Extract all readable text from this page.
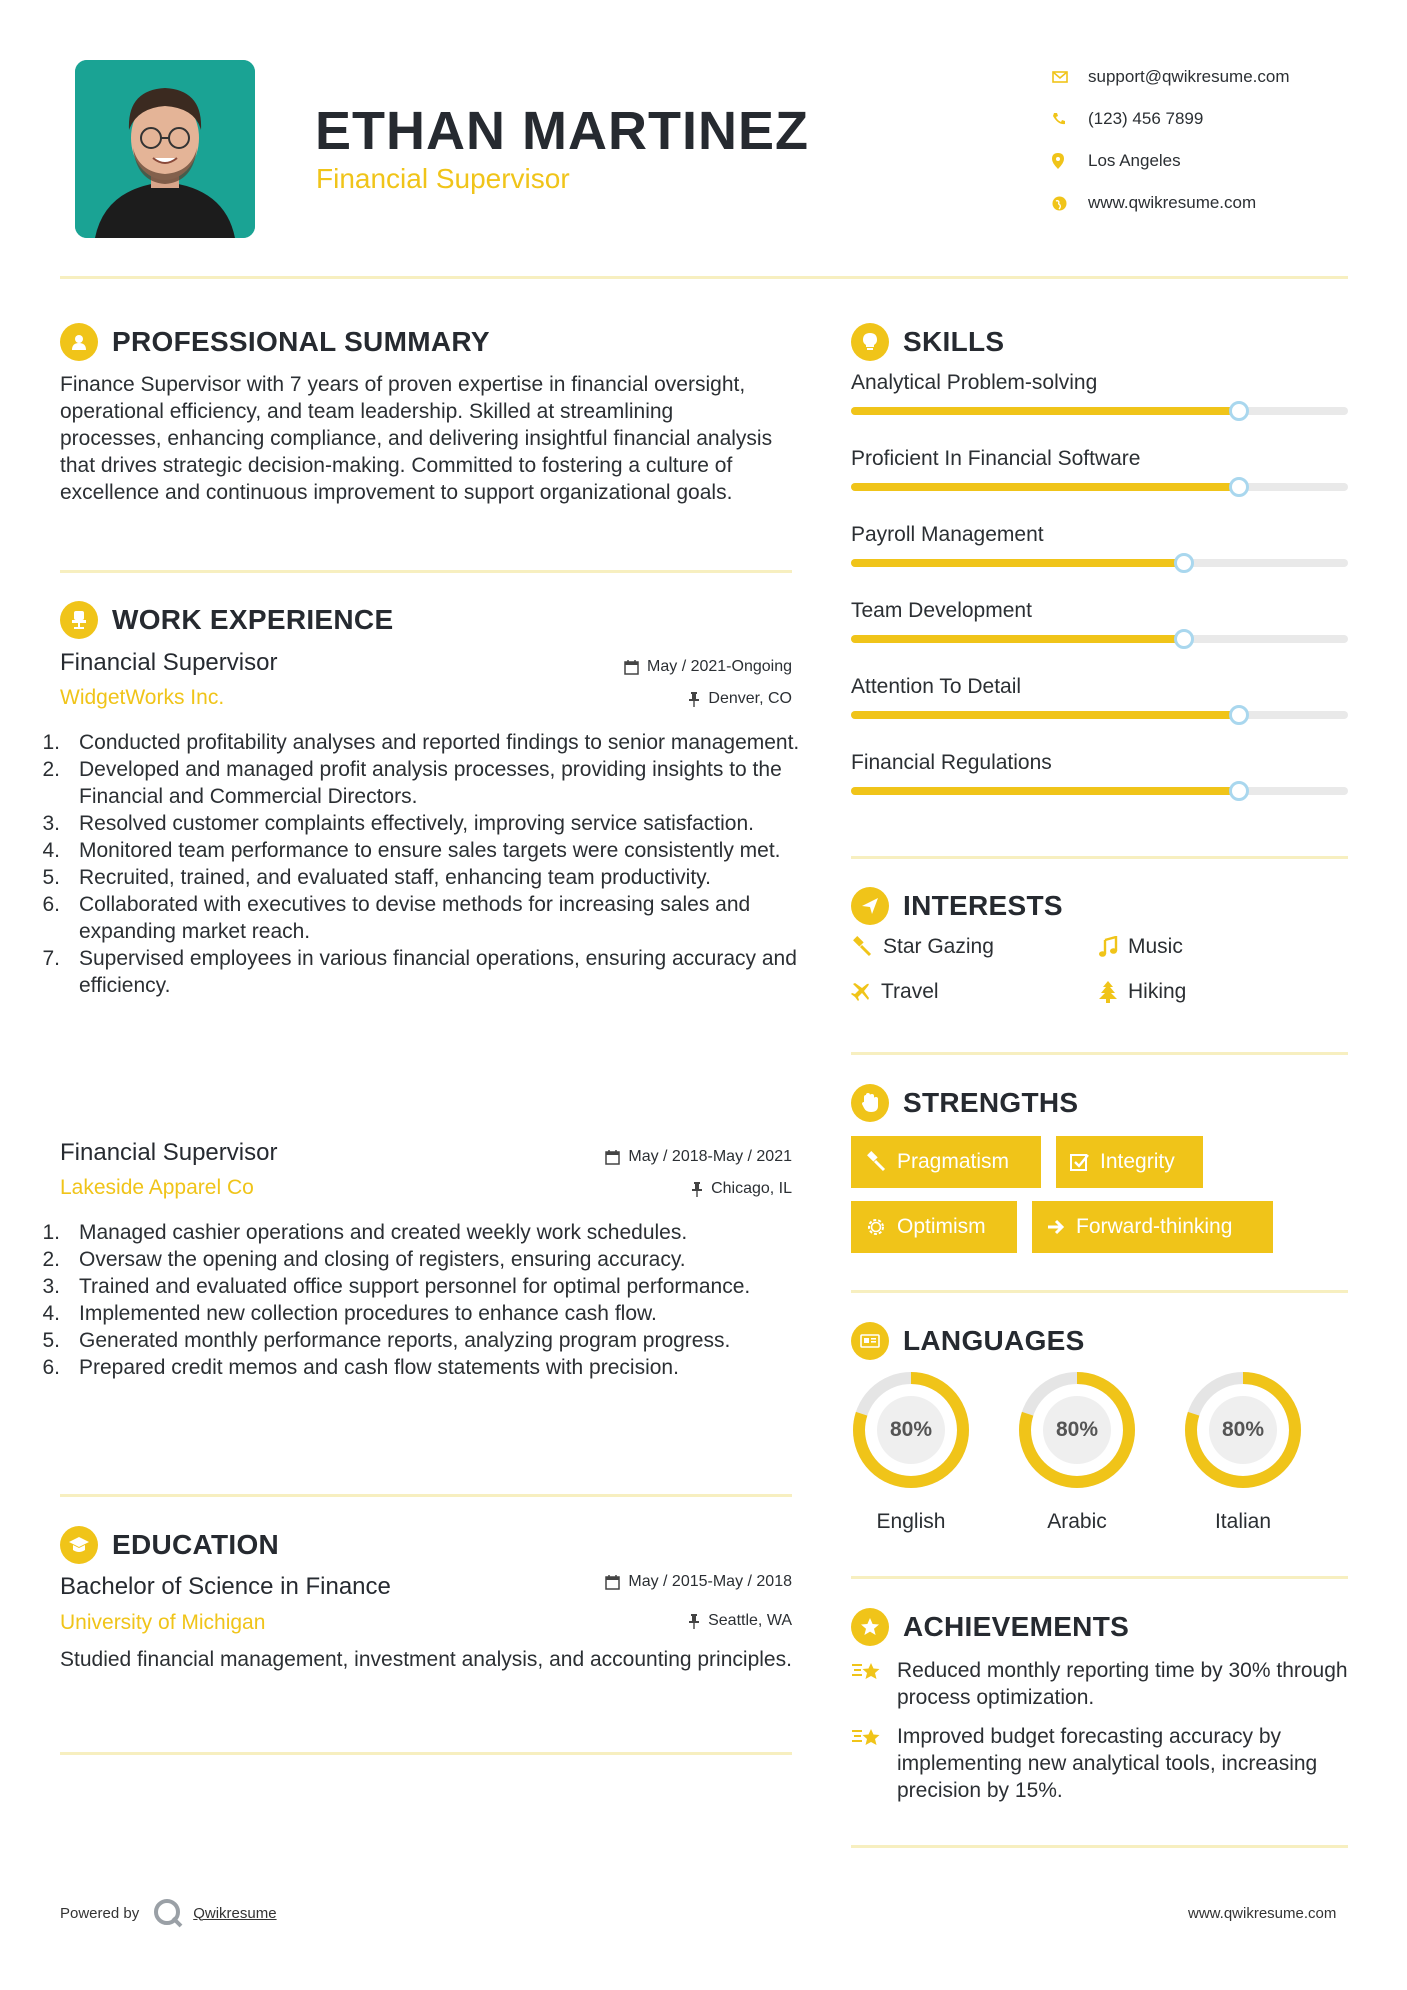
ETHAN MARTINEZ
Financial Supervisor
support@qwikresume.com
(123) 456 7899
Los Angeles
www.qwikresume.com
PROFESSIONAL SUMMARY
Finance Supervisor with 7 years of proven expertise in financial oversight, operational efficiency, and team leadership. Skilled at streamlining processes, enhancing compliance, and delivering insightful financial analysis that drives strategic decision-making. Committed to fostering a culture of excellence and continuous improvement to support organizational goals.
WORK EXPERIENCE
Financial Supervisor
WidgetWorks Inc.
May / 2021-Ongoing
Denver, CO
1. Conducted profitability analyses and reported findings to senior management.
2. Developed and managed profit analysis processes, providing insights to the Financial and Commercial Directors.
3. Resolved customer complaints effectively, improving service satisfaction.
4. Monitored team performance to ensure sales targets were consistently met.
5. Recruited, trained, and evaluated staff, enhancing team productivity.
6. Collaborated with executives to devise methods for increasing sales and expanding market reach.
7. Supervised employees in various financial operations, ensuring accuracy and efficiency.
Financial Supervisor
Lakeside Apparel Co
May / 2018-May / 2021
Chicago, IL
1. Managed cashier operations and created weekly work schedules.
2. Oversaw the opening and closing of registers, ensuring accuracy.
3. Trained and evaluated office support personnel for optimal performance.
4. Implemented new collection procedures to enhance cash flow.
5. Generated monthly performance reports, analyzing program progress.
6. Prepared credit memos and cash flow statements with precision.
EDUCATION
Bachelor of Science in Finance
University of Michigan
May / 2015-May / 2018
Seattle, WA
Studied financial management, investment analysis, and accounting principles.
SKILLS
Analytical Problem-solving
Proficient In Financial Software
Payroll Management
Team Development
Attention To Detail
Financial Regulations
INTERESTS
Star Gazing	Music
Travel	Hiking
STRENGTHS
Pragmatism	Integrity
Optimism	Forward-thinking
LANGUAGES
80%
English
80%
Arabic
80%
Italian
ACHIEVEMENTS
Reduced monthly reporting time by 30% through process optimization.
Improved budget forecasting accuracy by implementing new analytical tools, increasing precision by 15%.
Powered by	Qwikresume	www.qwikresume.com
